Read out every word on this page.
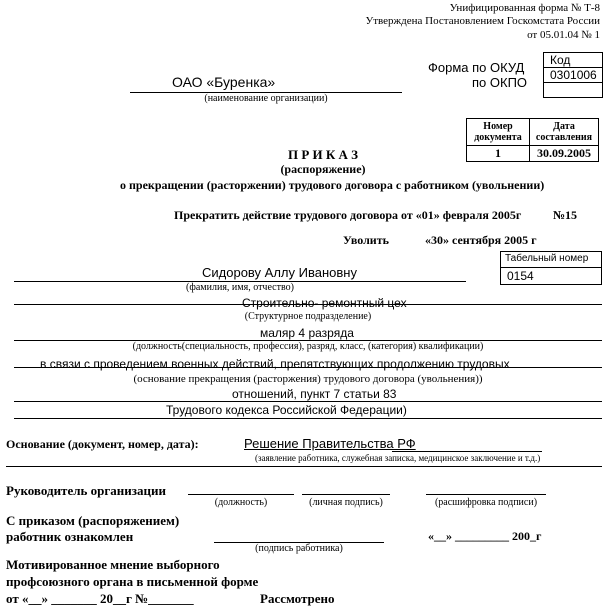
Унифицированная форма № Т-8
Утверждена Постановлением Госкомстата России
от 05.01.04 № 1
Форма по ОКУД
по ОКПО
Код
0301006
ОАО «Буренка»
(наименование организации)
Номер документа	Дата составления
1	30.09.2005
П Р И К А З
(распоряжение)
о прекращении (расторжении) трудового договора с работником (увольнении)
Прекратить действие трудового договора от «01» февраля 2005г	№15
Уволить	«30» сентября 2005 г
Табельный номер
0154
Сидорову Аллу Ивановну
(фамилия, имя, отчество)
Строительно- ремонтный цех
(Структурное подразделение)
маляр 4 разряда
(должность(специальность, профессия), разряд, класс, (категория) квалификации)
в связи с проведением военных действий, препятствующих продолжению трудовых
(основание прекращения (расторжения) трудового договора (увольнения))
отношений, пункт 7 статьи 83
Трудового кодекса Российской Федерации)
Основание (документ, номер, дата):	Решение Правительства РФ
(заявление работника, служебная записка, медицинское заключение и т.д.)
Руководитель организации
(должность)	(личная подпись)	(расшифровка подписи)
С приказом (распоряжением)
работник ознакомлен
(подпись работника)
«__» _________ 200_г
Мотивированное мнение выборного
профсоюзного органа в письменной форме
от «__» _______ 20__г №_______	Рассмотрено
